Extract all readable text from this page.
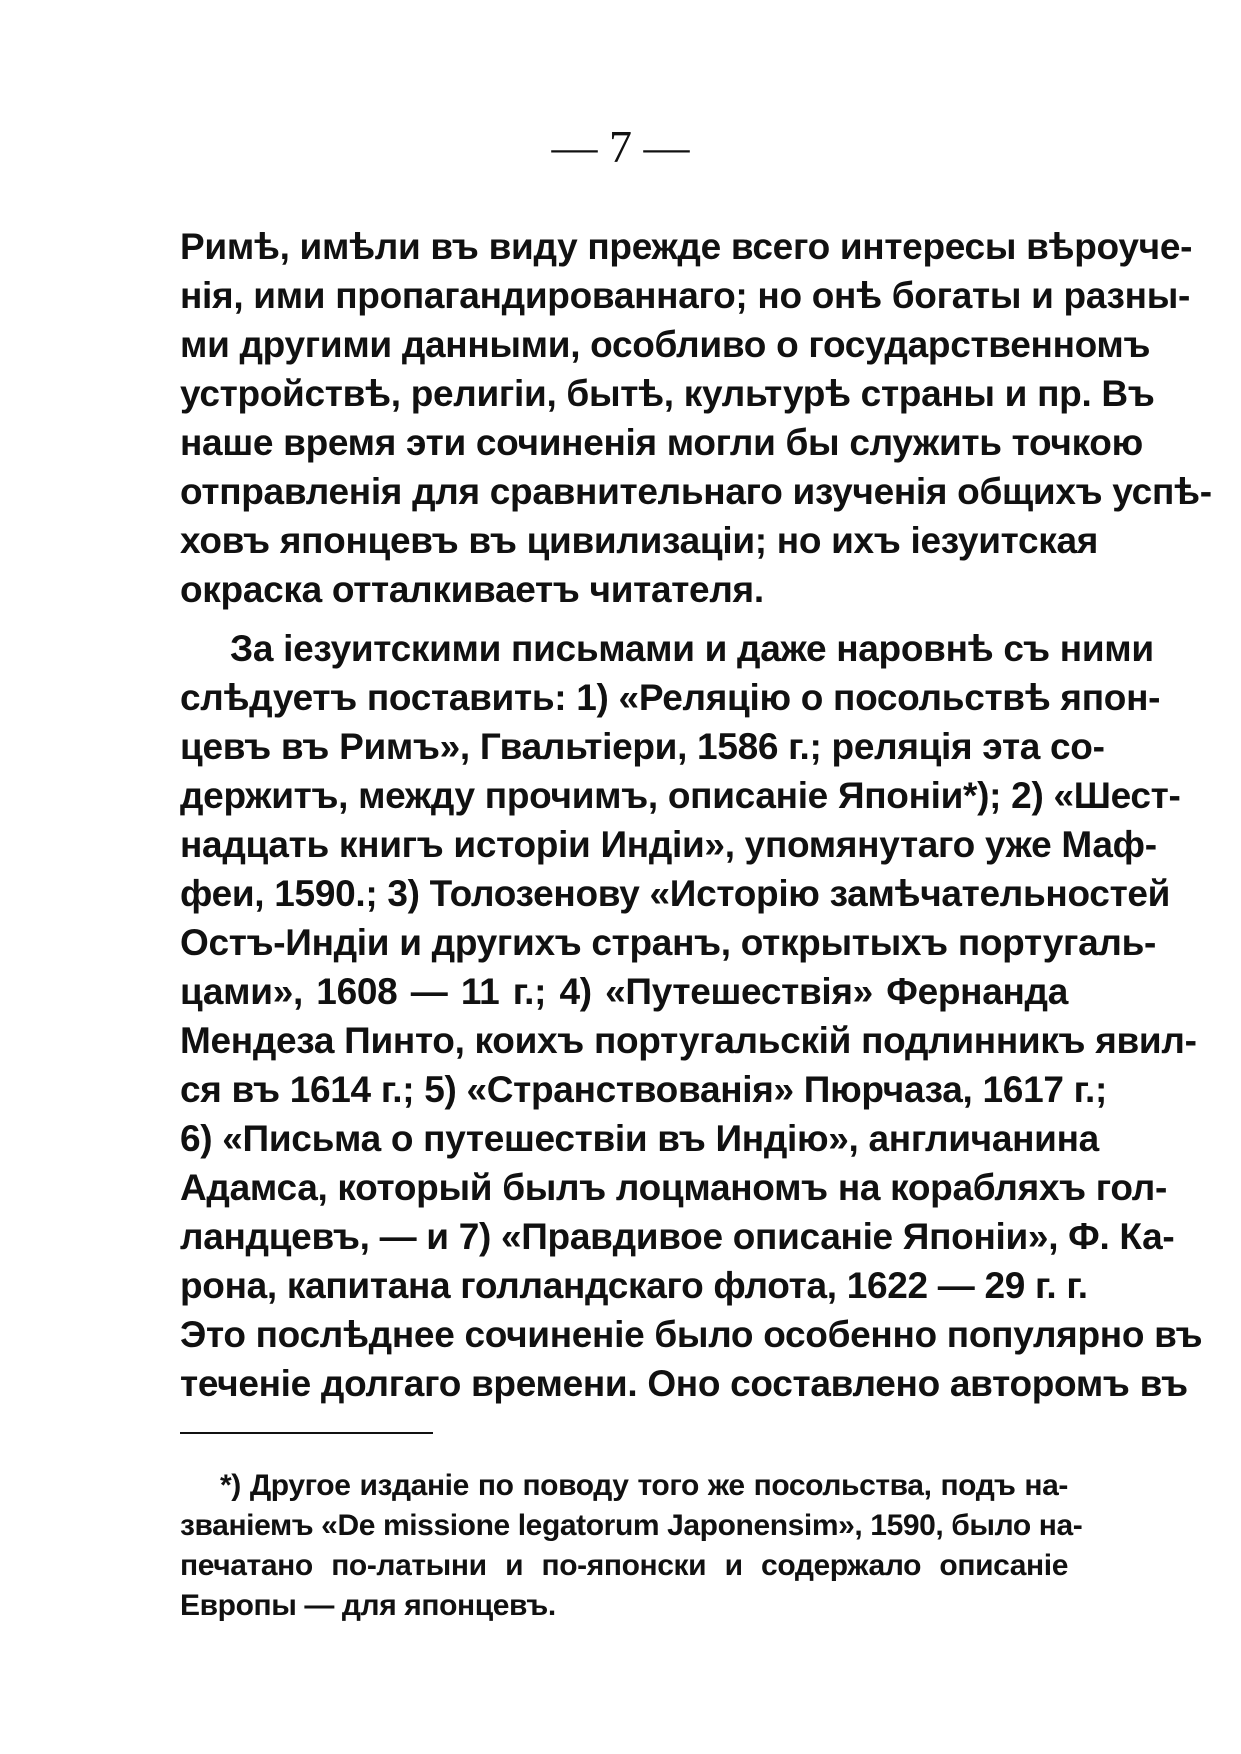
— 7 —
Римѣ, имѣли въ виду прежде всего интересы вѣроуче-
нія, ими пропагандированнаго; но онѣ богаты и разны-
ми другими данными, особливо о государственномъ
устройствѣ, религіи, бытѣ, культурѣ страны и пр. Въ
наше время эти сочиненія могли бы служить точкою
отправленія для сравнительнаго изученія общихъ успѣ-
ховъ японцевъ въ цивилизаціи; но ихъ іезуитская
окраска отталкиваетъ читателя.
За іезуитскими письмами и даже наровнѣ съ ними
слѣдуетъ поставить: 1) «Реляцію о посольствѣ япон-
цевъ въ Римъ», Гвальтіери, 1586 г.; реляція эта со-
держитъ, между прочимъ, описаніе Японіи*); 2) «Шест-
надцать книгъ исторіи Индіи», упомянутаго уже Маф-
феи, 1590.; 3) Толозенову «Исторію замѣчательностей
Остъ-Индіи и другихъ странъ, открытыхъ португаль-
цами», 1608 — 11 г.; 4) «Путешествія» Фернанда
Мендеза Пинто, коихъ португальскій подлинникъ явил-
ся въ 1614 г.; 5) «Странствованія» Пюрчаза, 1617 г.;
6) «Письма о путешествіи въ Индію», англичанина
Адамса, который былъ лоцманомъ на корабляхъ гол-
ландцевъ, — и 7) «Правдивое описаніе Японіи», Ф. Ка-
рона, капитана голландскаго флота, 1622 — 29 г. г.
Это послѣднее сочиненіе было особенно популярно въ
теченіе долгаго времени. Оно составлено авторомъ въ
*) Другое изданіе по поводу того же посольства, подъ на-
званіемъ «De missione legatorum Japonensim», 1590, было на-
печатано по-латыни и по-японски и содержало описаніе
Европы — для японцевъ.
